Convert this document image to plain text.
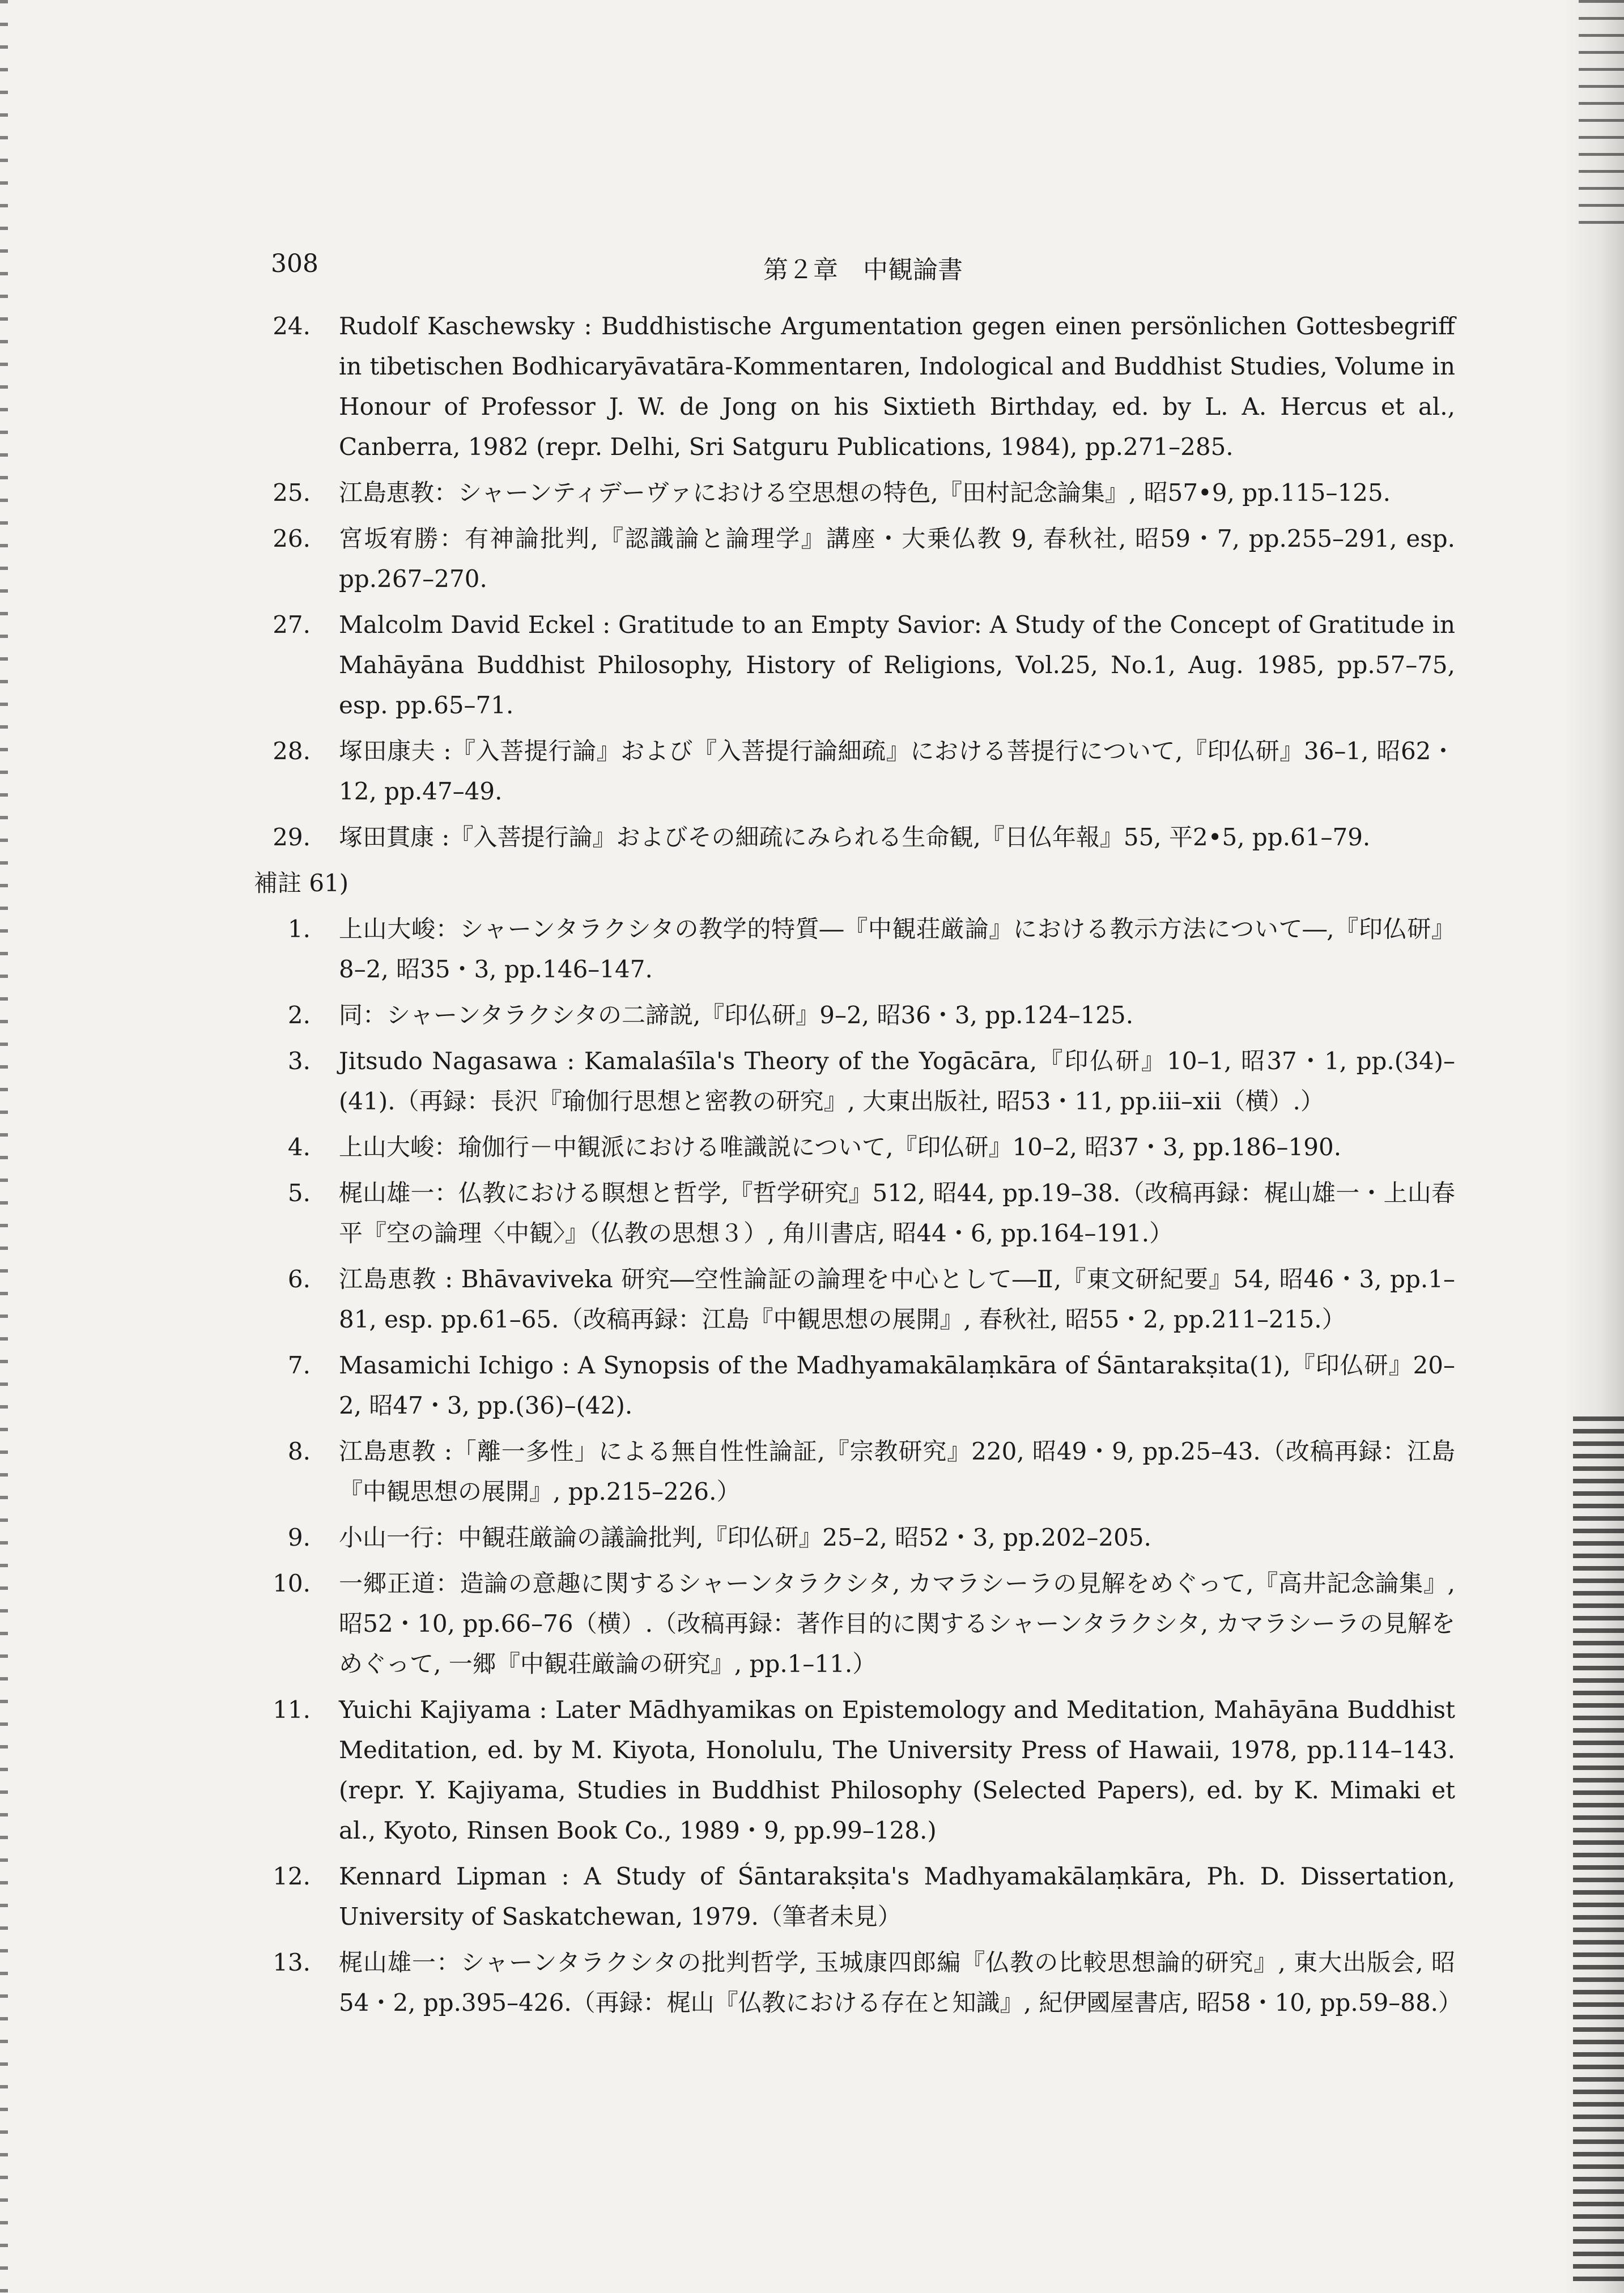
308	第２章　中観論書
24. Rudolf Kaschewsky : Buddhistische Argumentation gegen einen persönlichen Gottesbegriff in tibetischen Bodhicaryāvatāra-Kommentaren, Indological and Buddhist Studies, Volume in Honour of Professor J. W. de Jong on his Sixtieth Birthday, ed. by L. A. Hercus et al., Canberra, 1982 (repr. Delhi, Sri Satguru Publications, 1984), pp.271–285.
25. 江島恵教：シャーンティデーヴァにおける空思想の特色,『田村記念論集』, 昭57•9, pp.115–125.
26. 宮坂宥勝：有神論批判,『認識論と論理学』講座・大乗仏教 9, 春秋社, 昭59・7, pp.255–291, esp. pp.267–270.
27. Malcolm David Eckel : Gratitude to an Empty Savior: A Study of the Concept of Gratitude in Mahāyāna Buddhist Philosophy, History of Religions, Vol.25, No.1, Aug. 1985, pp.57–75, esp. pp.65–71.
28. 塚田康夫 :『入菩提行論』および『入菩提行論細疏』における菩提行について,『印仏研』36–1, 昭62・12, pp.47–49.
29. 塚田貫康 :『入菩提行論』およびその細疏にみられる生命観,『日仏年報』55, 平2•5, pp.61–79.
補註 61)
1. 上山大峻：シャーンタラクシタの教学的特質―『中観荘厳論』における教示方法について―,『印仏研』8–2, 昭35・3, pp.146–147.
2. 同：シャーンタラクシタの二諦説,『印仏研』9–2, 昭36・3, pp.124–125.
3. Jitsudo Nagasawa : Kamalaśīla's Theory of the Yogācāra,『印仏研』10–1, 昭37・1, pp.(34)–(41).（再録：長沢『瑜伽行思想と密教の研究』, 大東出版社, 昭53・11, pp.iii–xii（横）.）
4. 上山大峻：瑜伽行－中観派における唯識説について,『印仏研』10–2, 昭37・3, pp.186–190.
5. 梶山雄一：仏教における瞑想と哲学,『哲学研究』512, 昭44, pp.19–38.（改稿再録：梶山雄一・上山春平『空の論理〈中観〉』（仏教の思想３）, 角川書店, 昭44・6, pp.164–191.）
6. 江島恵教 : Bhāvaviveka 研究―空性論証の論理を中心として―Ⅱ,『東文研紀要』54, 昭46・3, pp.1–81, esp. pp.61–65.（改稿再録：江島『中観思想の展開』, 春秋社, 昭55・2, pp.211–215.）
7. Masamichi Ichigo : A Synopsis of the Madhyamakālaṃkāra of Śāntarakṣita(1),『印仏研』20–2, 昭47・3, pp.(36)–(42).
8. 江島恵教 :「離一多性」による無自性性論証,『宗教研究』220, 昭49・9, pp.25–43.（改稿再録：江島『中観思想の展開』, pp.215–226.）
9. 小山一行：中観荘厳論の議論批判,『印仏研』25–2, 昭52・3, pp.202–205.
10. 一郷正道：造論の意趣に関するシャーンタラクシタ, カマラシーラの見解をめぐって,『高井記念論集』, 昭52・10, pp.66–76（横）.（改稿再録：著作目的に関するシャーンタラクシタ, カマラシーラの見解をめぐって, 一郷『中観荘厳論の研究』, pp.1–11.）
11. Yuichi Kajiyama : Later Mādhyamikas on Epistemology and Meditation, Mahāyāna Buddhist Meditation, ed. by M. Kiyota, Honolulu, The University Press of Hawaii, 1978, pp.114–143. (repr. Y. Kajiyama, Studies in Buddhist Philosophy (Selected Papers), ed. by K. Mimaki et al., Kyoto, Rinsen Book Co., 1989・9, pp.99–128.)
12. Kennard Lipman : A Study of Śāntarakṣita's Madhyamakālaṃkāra, Ph. D. Dissertation, University of Saskatchewan, 1979.（筆者未見）
13. 梶山雄一：シャーンタラクシタの批判哲学, 玉城康四郎編『仏教の比較思想論的研究』, 東大出版会, 昭54・2, pp.395–426.（再録：梶山『仏教における存在と知識』, 紀伊國屋書店, 昭58・10, pp.59–88.）
